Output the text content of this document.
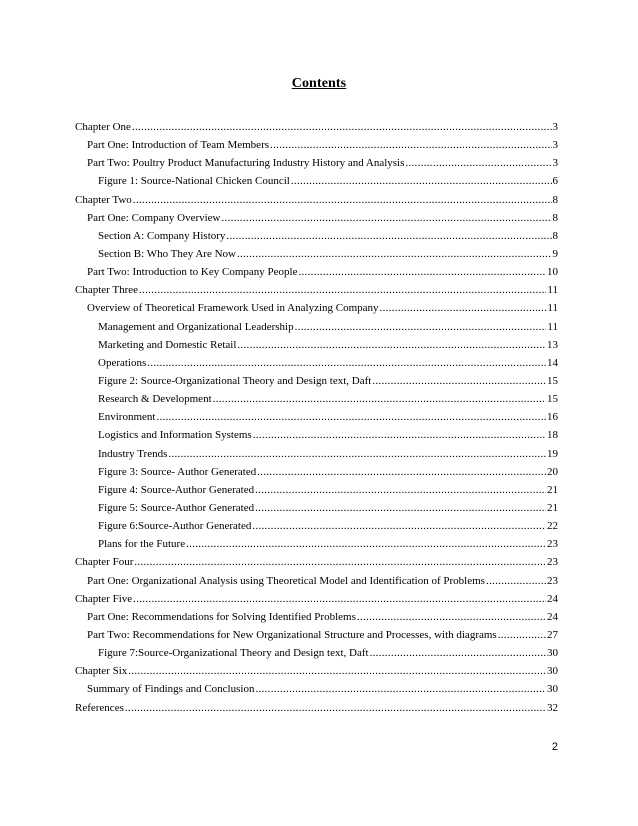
Contents
Chapter One .....	3
Part One: Introduction of Team Members .....	3
Part Two: Poultry Product Manufacturing Industry History and Analysis .....	3
Figure 1: Source-National Chicken Council .....	6
Chapter Two .....	8
Part One: Company Overview .....	8
Section A: Company History .....	8
Section B: Who They Are Now .....	9
Part Two: Introduction to Key Company People .....	10
Chapter Three .....	11
Overview of Theoretical Framework Used in Analyzing Company .....	11
Management and Organizational Leadership .....	11
Marketing and Domestic Retail .....	13
Operations .....	14
Figure 2: Source-Organizational Theory and Design text, Daft .....	15
Research & Development .....	15
Environment .....	16
Logistics and Information Systems .....	18
Industry Trends .....	19
Figure 3: Source- Author Generated .....	20
Figure 4: Source-Author Generated .....	21
Figure 5: Source-Author Generated .....	21
Figure 6:Source-Author Generated .....	22
Plans for the Future .....	23
Chapter Four .....	23
Part One: Organizational Analysis using Theoretical Model and Identification of Problems .....	23
Chapter Five .....	24
Part One: Recommendations for Solving Identified Problems .....	24
Part Two: Recommendations for New Organizational Structure and Processes, with diagrams .....	27
Figure 7:Source-Organizational Theory and Design text, Daft .....	30
Chapter Six .....	30
Summary of Findings and Conclusion .....	30
References .....	32
2
